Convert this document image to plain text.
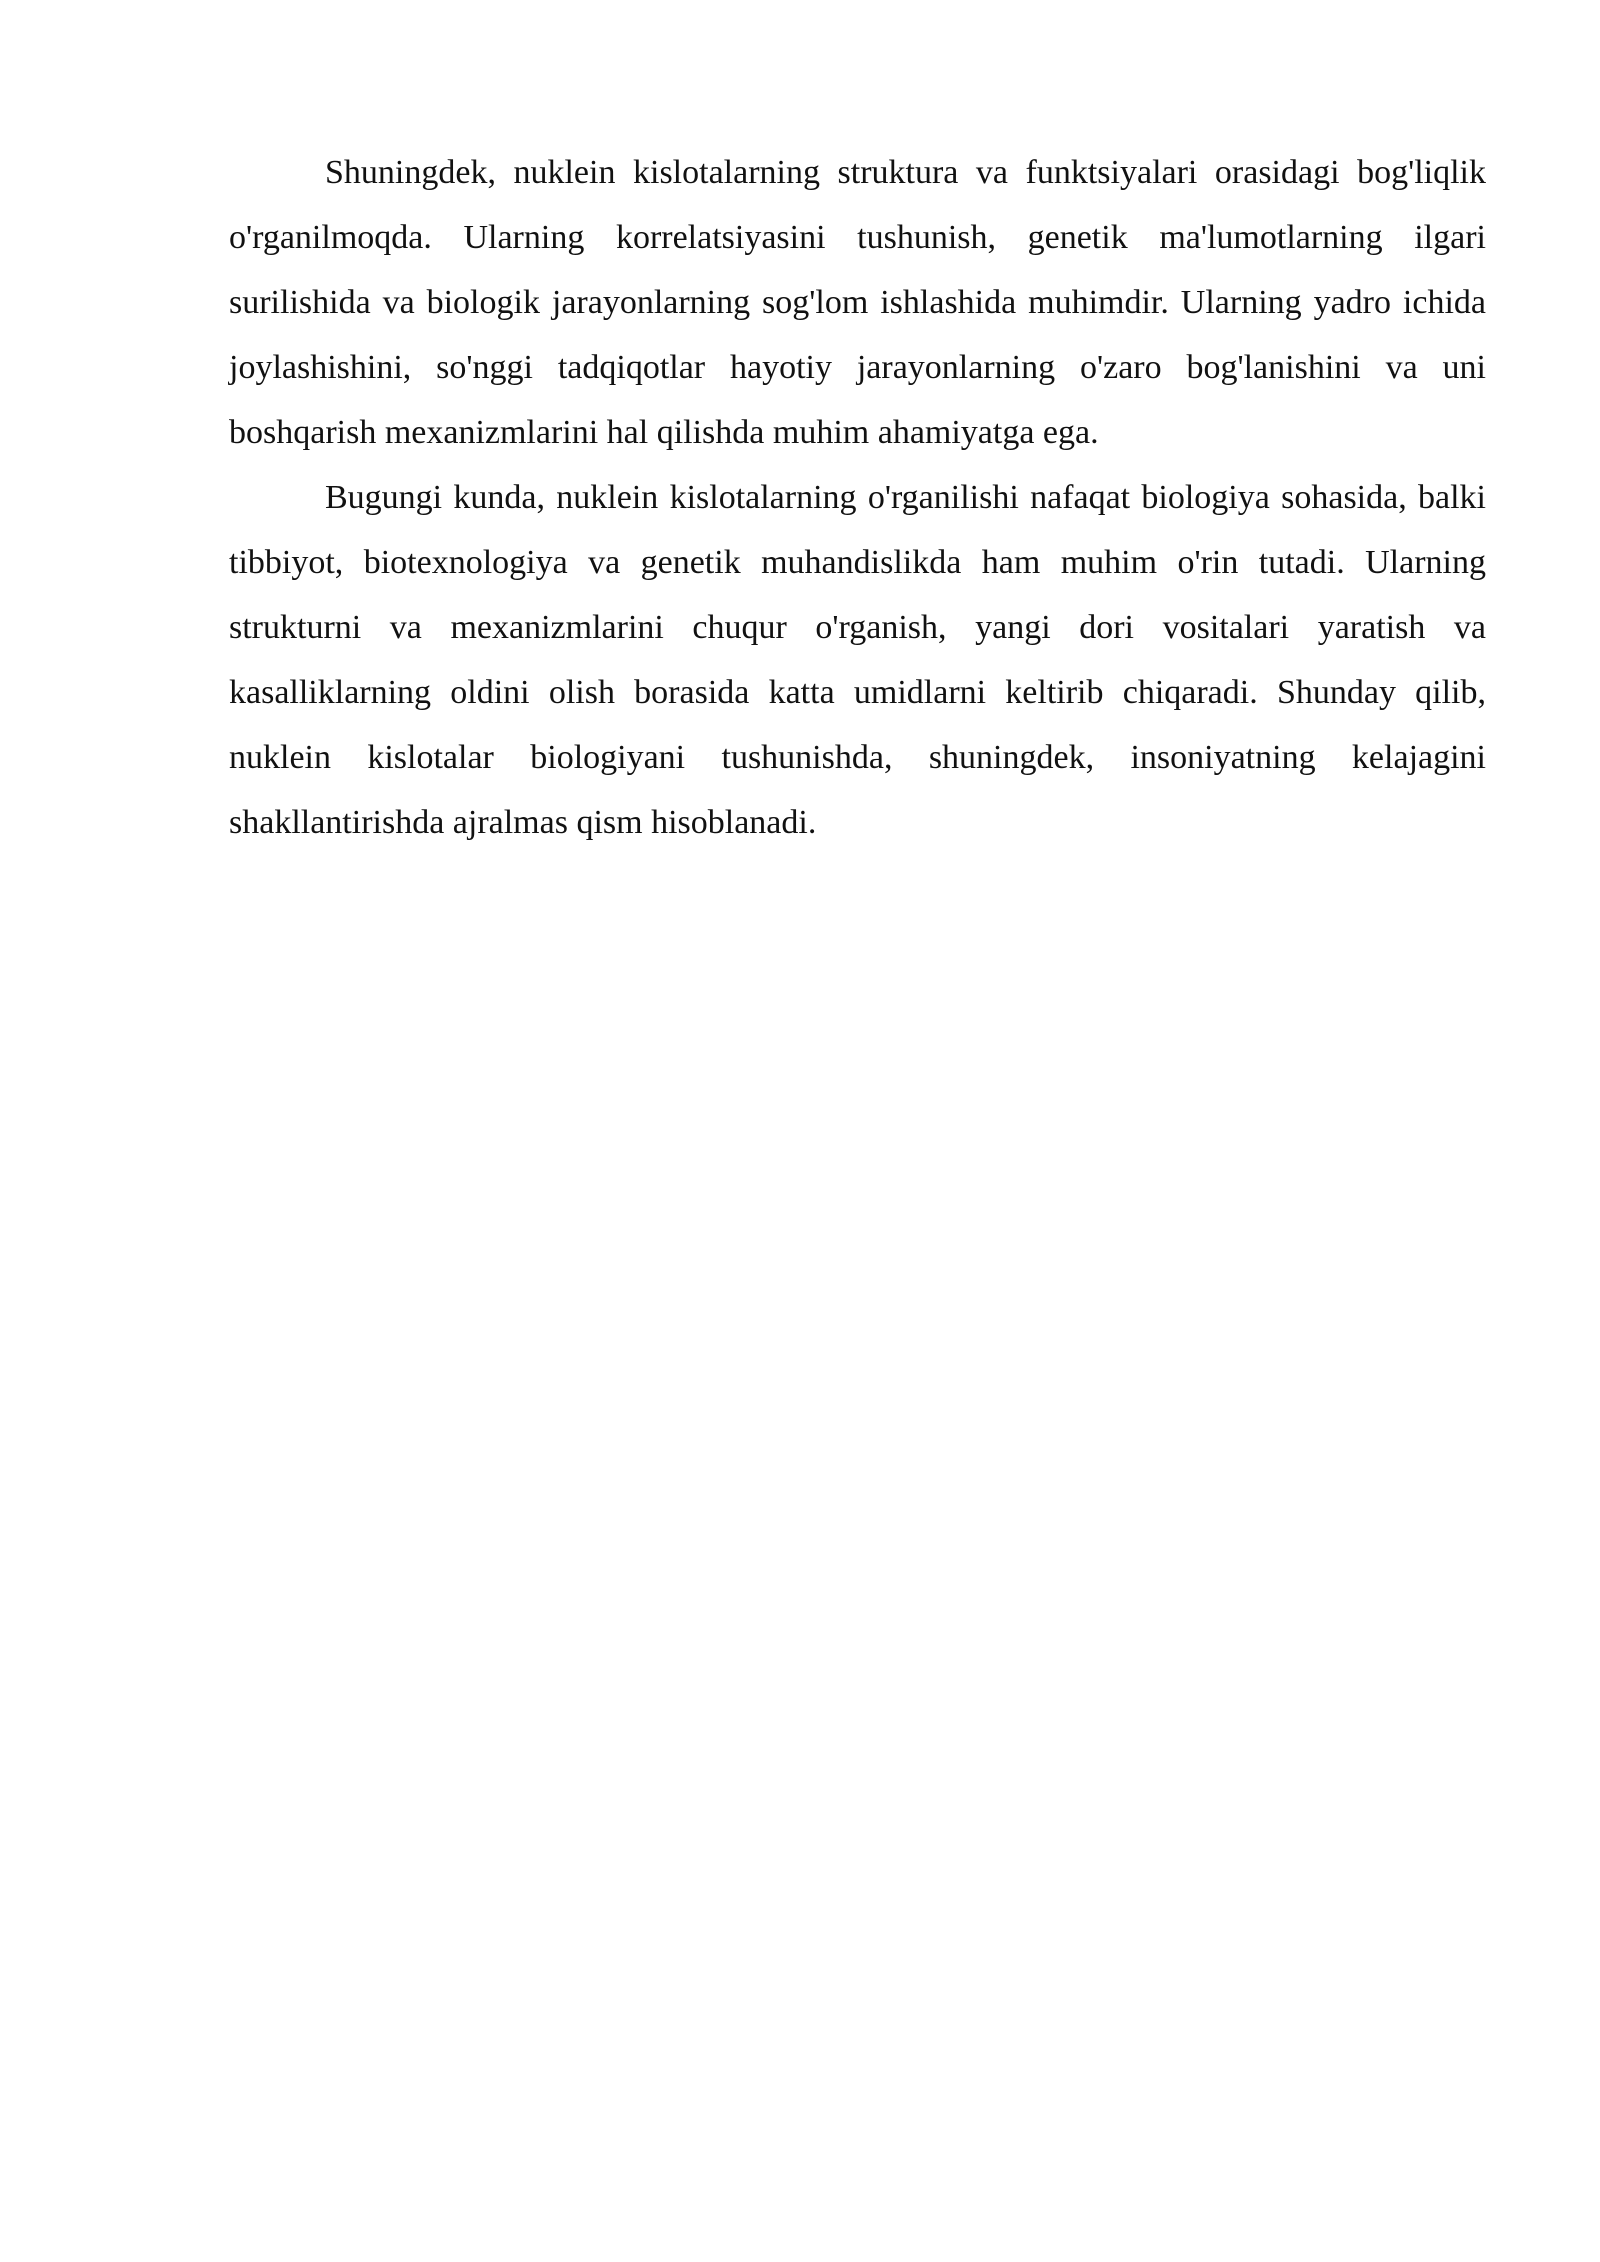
Shuningdek, nuklein kislotalarning struktura va funktsiyalari orasidagi bog'liqlik o'rganilmoqda. Ularning korrelatsiyasini tushunish, genetik ma'lumotlarning ilgari surilishida va biologik jarayonlarning sog'lom ishlashida muhimdir. Ularning yadro ichida joylashishini, so'nggi tadqiqotlar hayotiy jarayonlarning o'zaro bog'lanishini va uni boshqarish mexanizmlarini hal qilishda muhim ahamiyatga ega.

Bugungi kunda, nuklein kislotalarning o'rganilishi nafaqat biologiya sohasida, balki tibbiyot, biotexnologiya va genetik muhandislikda ham muhim o'rin tutadi. Ularning strukturni va mexanizmlarini chuqur o'rganish, yangi dori vositalari yaratish va kasalliklarning oldini olish borasida katta umidlarni keltirib chiqaradi. Shunday qilib, nuklein kislotalar biologiyani tushunishda, shuningdek, insoniyatning kelajagini shakllantirishda ajralmas qism hisoblanadi.
